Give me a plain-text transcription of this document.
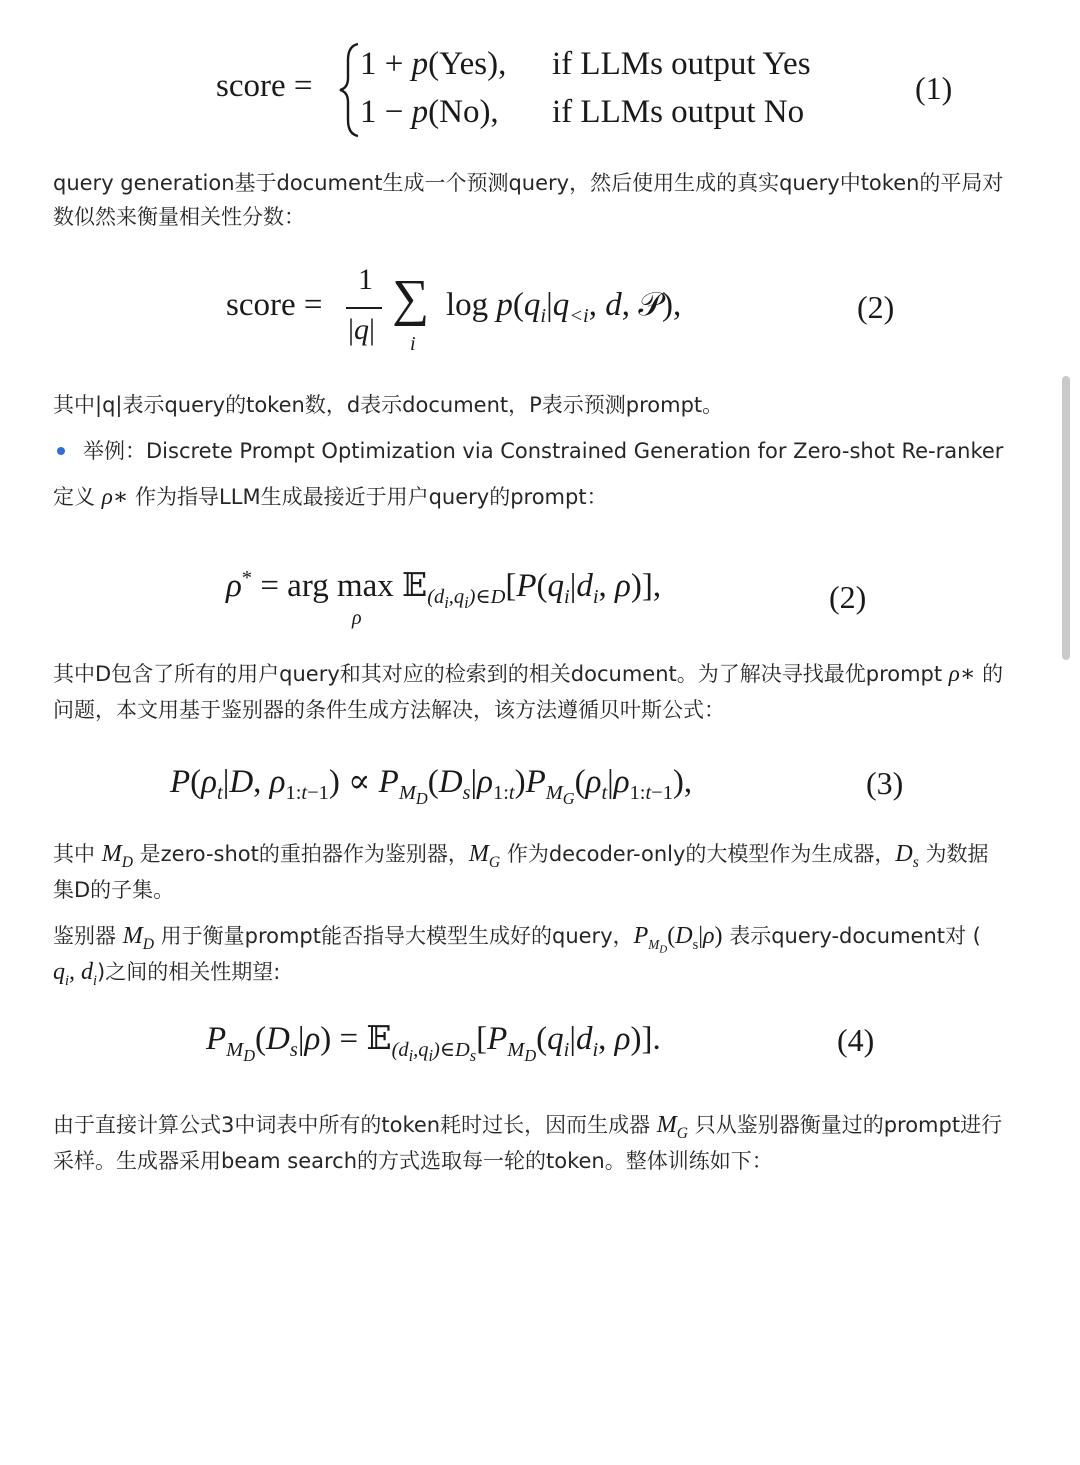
score =
1 + p(Yes), if LLMs output Yes
1 − p(No), if LLMs output No
(1)
query generation基于document生成一个预测query，然后使用生成的真实query中token的平局对
数似然来衡量相关性分数：
score =
1
|q|
∑
i
$\log p(q_i|q_{<i}$, d, 𝒫),	(2)
其中|q|表示query的token数，d表示document，P表示预测prompt。
举例：Discrete Prompt Optimization via Constrained Generation for Zero-shot Re-ranker
定义 ρ∗ 作为指导LLM生成最接近于用户query的prompt：
ρ* = arg $\max 𝔼_{(d_i,q_i)\in D}[P(q_i|d_i$, ρ)],
ρ
(2)
其中D包含了所有的用户query和其对应的检索到的相关document。为了解决寻找最优prompt ρ∗ 的
问题，本文用基于鉴别器的条件生成方法解决，该方法遵循贝叶斯公式：
$P(\rho_t|D$, $\rho_{1:t-1}) \propto P_{M_D}(D_s|\rho_{1:t})P_{M_G}(\rho_t|\rho_{1:t-1})$,	(3)
其中 $M_D$ 是zero-shot的重拍器作为鉴别器，$M_G$ 作为decoder-only的大模型作为生成器，$D_s$ 为数据
集D的子集。
鉴别器 $M_D$ 用于衡量prompt能否指导大模型生成好的query，$P_{M_D}(D_s|\rho)$ 表示query-document对 (
$q_i$, $d_i$)之间的相关性期望:
$P_{M_D}(D_s|\rho)$ = $𝔼_{(d_i,q_i)\in D_s}[P_{M_D}(q_i|d_i$, ρ)].	(4)
由于直接计算公式3中词表中所有的token耗时过长，因而生成器 $M_G$ 只从鉴别器衡量过的prompt进行
采样。生成器采用beam search的方式选取每一轮的token。整体训练如下：
